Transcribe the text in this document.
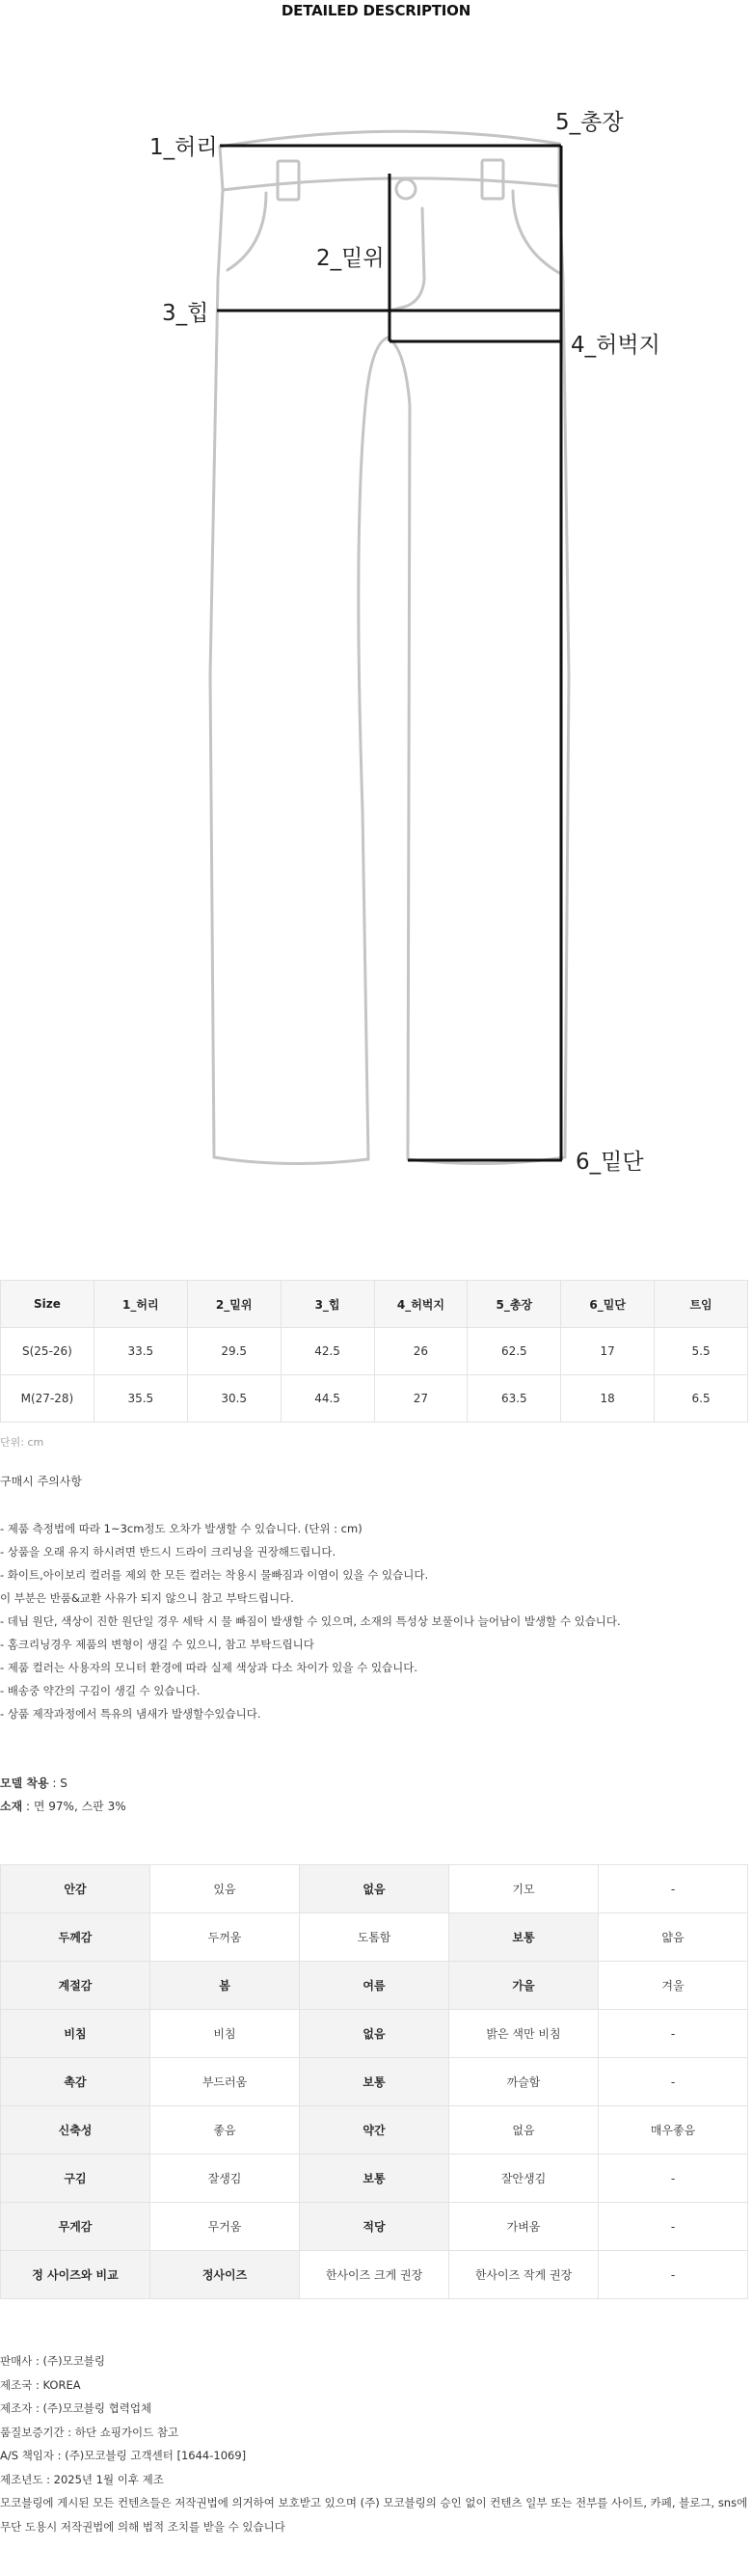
DETAILED DESCRIPTION
1_허리
2_밑위
3_힙
4_허벅지
5_총장
6_밑단
Size	1_허리	2_밑위	3_힙	4_허벅지	5_총장	6_밑단	트임
S(25-26)	33.5	29.5	42.5	26	62.5	17	5.5
M(27-28)	35.5	30.5	44.5	27	63.5	18	6.5
단위: cm
구매시 주의사항
- 제품 측정법에 따라 1~3cm정도 오차가 발생할 수 있습니다. (단위 : cm)
- 상품을 오래 유지 하시려면 반드시 드라이 크리닝을 권장해드립니다.
- 화이트,아이보리 컬러를 제외 한 모든 컬러는 착용시 물빠짐과 이염이 있을 수 있습니다.
이 부분은 반품&교환 사유가 되지 않으니 참고 부탁드립니다.
- 데님 원단, 색상이 진한 원단일 경우 세탁 시 물 빠짐이 발생할 수 있으며, 소재의 특성상 보풀이나 늘어남이 발생할 수 있습니다.
- 홈크리닝경우 제품의 변형이 생길 수 있으니, 참고 부탁드립니다
- 제품 컬러는 사용자의 모니터 환경에 따라 실제 색상과 다소 차이가 있을 수 있습니다.
- 배송중 약간의 구김이 생길 수 있습니다.
- 상품 제작과정에서 특유의 냄새가 발생할수있습니다.
모델 착용 : S
소재 : 면 97%, 스판 3%
안감	있음	없음	기모	-
두께감	두꺼움	도톰함	보통	얇음
계절감	봄	여름	가을	겨울
비침	비침	없음	밝은 색만 비침	-
촉감	부드러움	보통	까슬함	-
신축성	좋음	약간	없음	매우좋음
구김	잘생김	보통	잘안생김	-
무게감	무거움	적당	가벼움	-
정 사이즈와 비교	정사이즈	한사이즈 크게 권장	한사이즈 작게 권장	-
판매사 : (주)모코블링
제조국 : KOREA
제조자 : (주)모코블링 협력업체
품질보증기간 : 하단 쇼핑가이드 참고
A/S 책임자 : (주)모코블링 고객센터 [1644-1069]
제조년도 : 2025년 1월 이후 제조
모코블링에 게시된 모든 컨텐츠들은 저작권법에 의거하여 보호받고 있으며 (주) 모코블링의 승인 없이 컨텐츠 일부 또는 전부를 사이트, 카페, 블로그, sns에
무단 도용시 저작권법에 의해 법적 조치를 받을 수 있습니다
